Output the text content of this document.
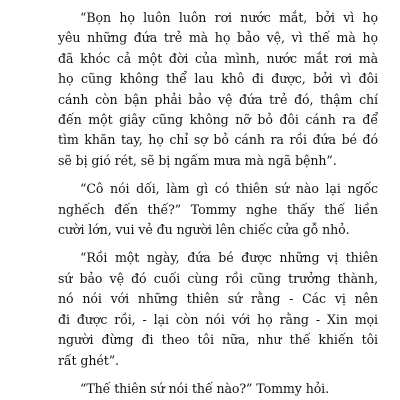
“Bọn họ luôn luôn rơi nước mắt, bởi vì họ
yêu những đứa trẻ mà họ bảo vệ, vì thế mà họ
đã khóc cả một đời của mình, nước mắt rơi mà
họ cũng không thể lau khô đi được, bởi vì đôi
cánh còn bận phải bảo vệ đứa trẻ đó, thậm chí
đến một giây cũng không nỡ bỏ đôi cánh ra để
tìm khăn tay, họ chỉ sợ bỏ cánh ra rồi đứa bé đó
sẽ bị gió rét, sẽ bị ngấm mưa mà ngã bệnh”.

“Cô nói dối, làm gì có thiên sứ nào lại ngốc
nghếch đến thế?” Tommy nghe thấy thế liền
cười lớn, vui vẻ đu người lên chiếc cửa gỗ nhỏ.

“Rồi một ngày, đứa bé được những vị thiên
sứ bảo vệ đó cuối cùng rồi cũng trưởng thành,
nó nói với những thiên sứ rằng - Các vị nên
đi được rồi, - lại còn nói với họ rằng - Xin mọi
người đừng đi theo tôi nữa, như thế khiến tôi
rất ghét”.

“Thế thiên sứ nói thế nào?” Tommy hỏi.
